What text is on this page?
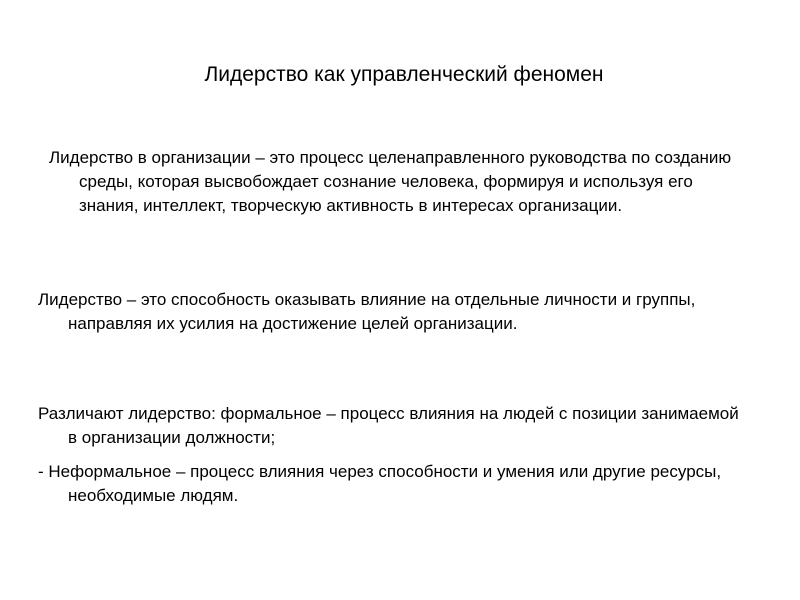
Лидерство как управленческий феномен

Лидерство в организации – это процесс целенаправленного руководства по созданию среды, которая высвобождает сознание человека, формируя и используя его знания, интеллект, творческую активность в интересах организации.

Лидерство – это способность оказывать влияние на отдельные личности и группы, направляя их усилия на достижение целей организации.

Различают лидерство: формальное – процесс влияния на людей с позиции занимаемой в организации должности;

- Неформальное – процесс влияния через способности и умения или другие ресурсы, необходимые людям.
